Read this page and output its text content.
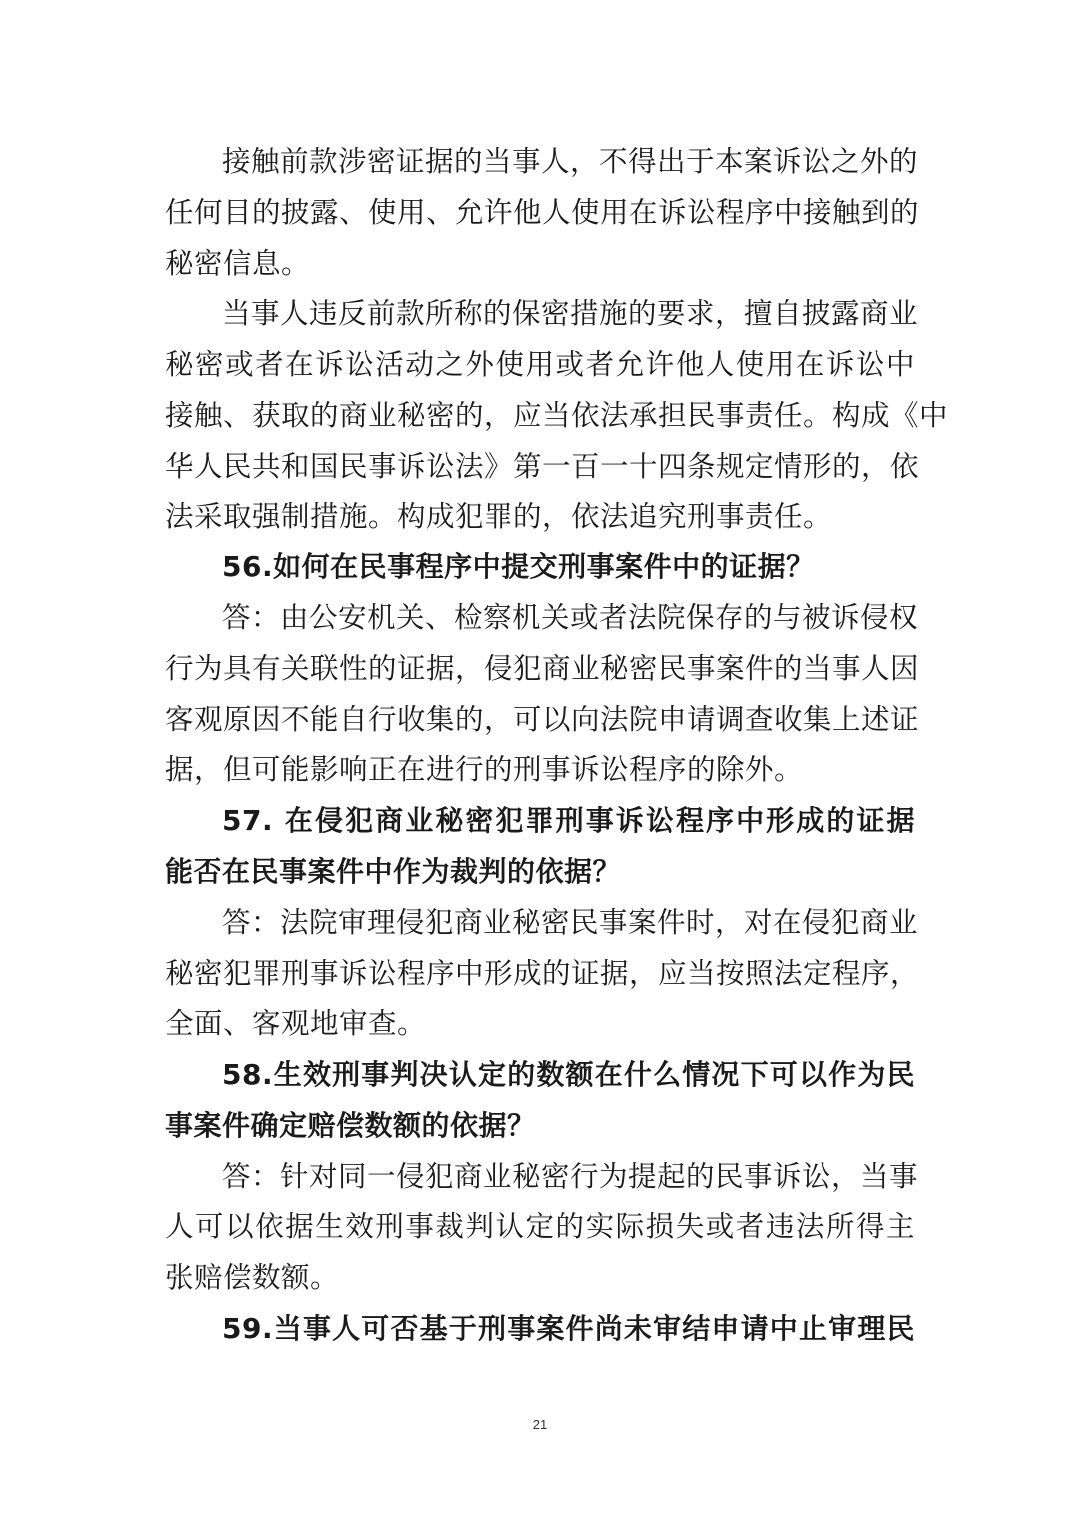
接触前款涉密证据的当事人，不得出于本案诉讼之外的
任何目的披露、使用、允许他人使用在诉讼程序中接触到的
秘密信息。
当事人违反前款所称的保密措施的要求，擅自披露商业
秘密或者在诉讼活动之外使用或者允许他人使用在诉讼中
接触、获取的商业秘密的，应当依法承担民事责任。构成《中
华人民共和国民事诉讼法》第一百一十四条规定情形的，依
法采取强制措施。构成犯罪的，依法追究刑事责任。
56.如何在民事程序中提交刑事案件中的证据？
答：由公安机关、检察机关或者法院保存的与被诉侵权
行为具有关联性的证据，侵犯商业秘密民事案件的当事人因
客观原因不能自行收集的，可以向法院申请调查收集上述证
据，但可能影响正在进行的刑事诉讼程序的除外。
57. 在侵犯商业秘密犯罪刑事诉讼程序中形成的证据
能否在民事案件中作为裁判的依据？
答：法院审理侵犯商业秘密民事案件时，对在侵犯商业
秘密犯罪刑事诉讼程序中形成的证据，应当按照法定程序，
全面、客观地审查。
58.生效刑事判决认定的数额在什么情况下可以作为民
事案件确定赔偿数额的依据？
答：针对同一侵犯商业秘密行为提起的民事诉讼，当事
人可以依据生效刑事裁判认定的实际损失或者违法所得主
张赔偿数额。
59.当事人可否基于刑事案件尚未审结申请中止审理民
21
